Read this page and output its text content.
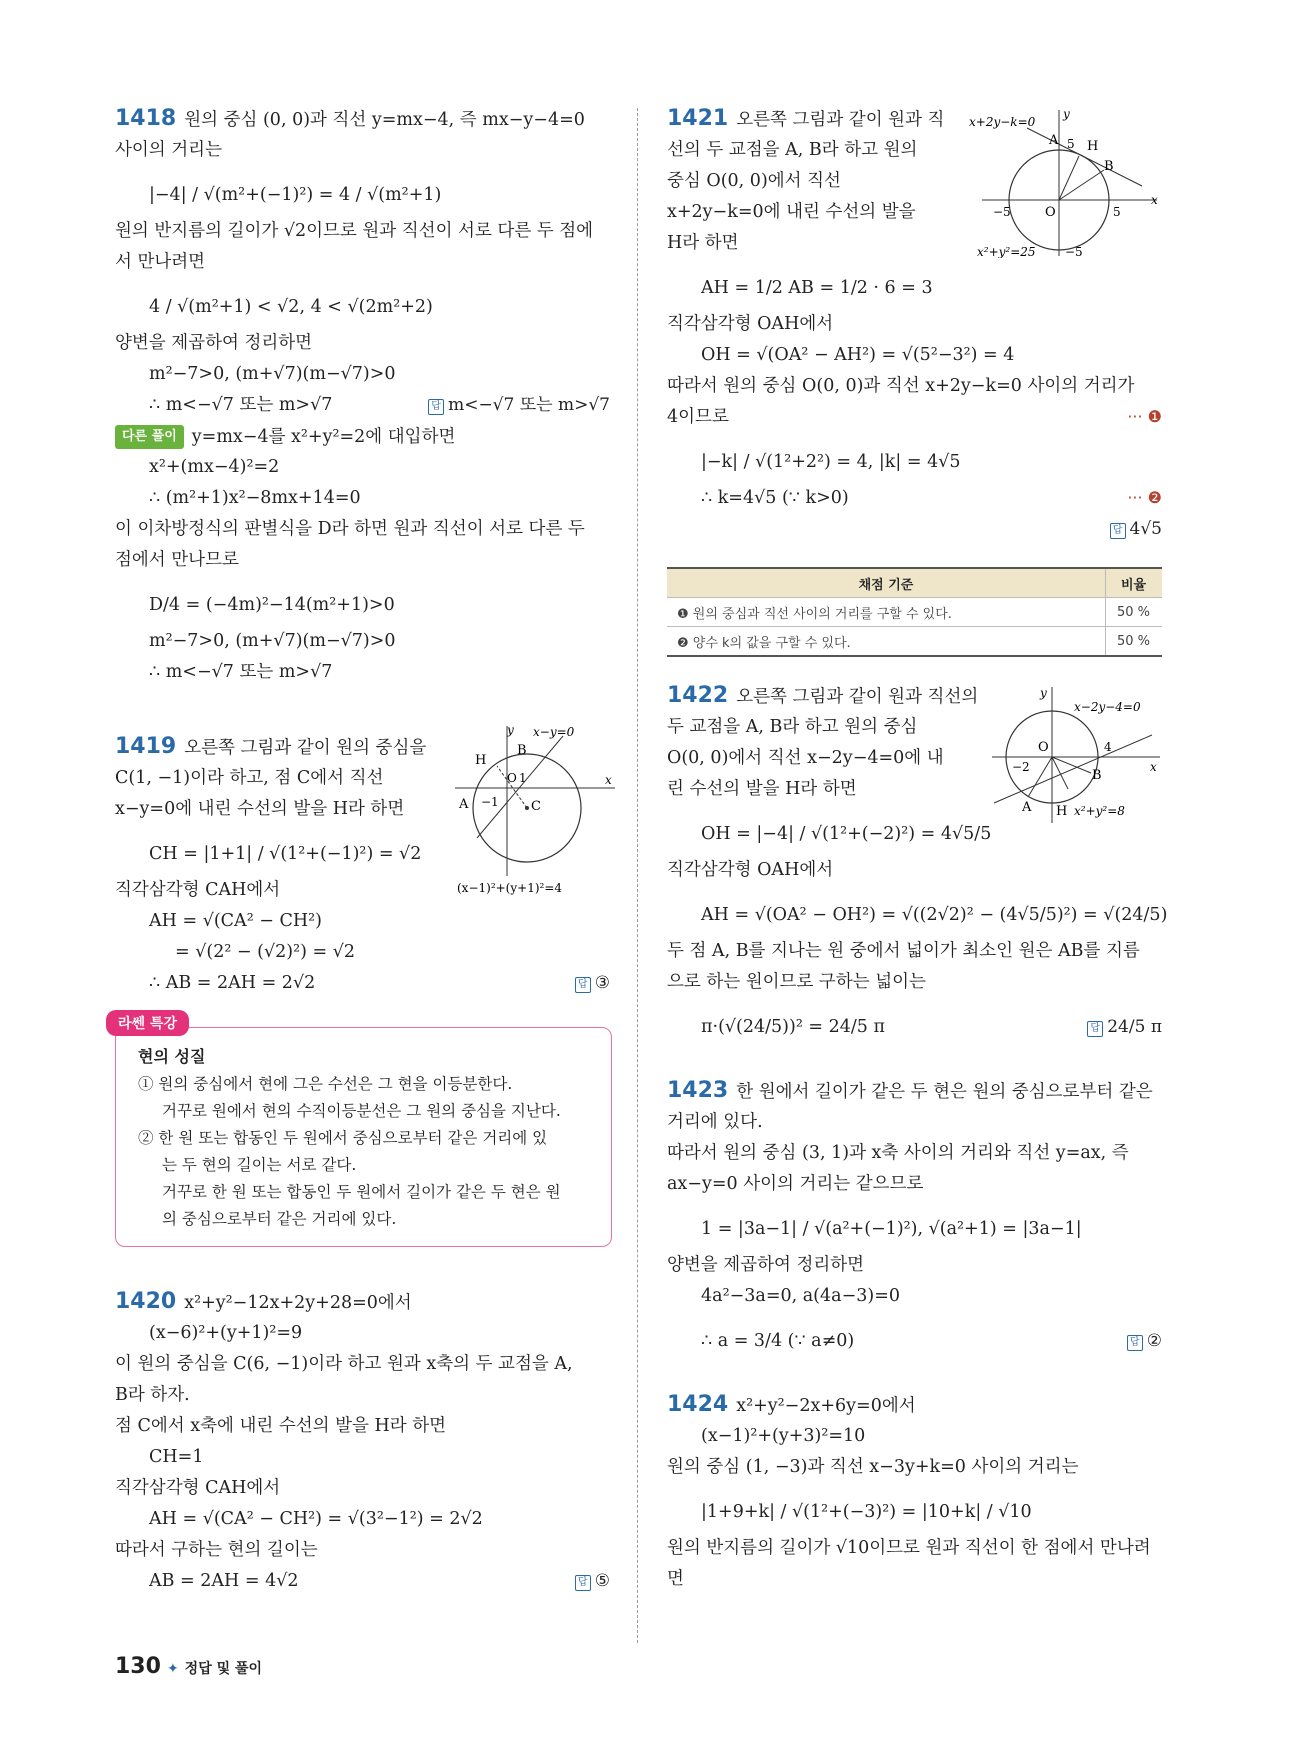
1418 원의 중심 (0, 0)과 직선 y=mx−4, 즉 mx−y−4=0
사이의 거리는
|−4| / √(m²+(−1)²) = 4 / √(m²+1)
원의 반지름의 길이가 √2이므로 원과 직선이 서로 다른 두 점에
서 만나려면
4 / √(m²+1) < √2, 4 < √(2m²+2)
양변을 제곱하여 정리하면
m²−7>0, (m+√7)(m−√7)>0
∴ m<−√7 또는 m>√7	답 m<−√7 또는 m>√7
다른 풀이 y=mx−4를 x²+y²=2에 대입하면
x²+(mx−4)²=2
∴ (m²+1)x²−8mx+14=0
이 이차방정식의 판별식을 D라 하면 원과 직선이 서로 다른 두
점에서 만나므로
D/4 = (−4m)²−14(m²+1)>0
m²−7>0, (m+√7)(m−√7)>0
∴ m<−√7 또는 m>√7
1419 오른쪽 그림과 같이 원의 중심을
C(1, −1)이라 하고, 점 C에서 직선
x−y=0에 내린 수선의 발을 H라 하면
CH = |1+1| / √(1²+(−1)²) = √2
직각삼각형 CAH에서
AH = √(CA² − CH²)
= √(2² − (√2)²) = √2
∴ AB = 2AH = 2√2	답 ③
y
x
x−y=0
H
B
O 1
A −1 C
(x−1)²+(y+1)²=4
라쎈 특강
현의 성질
① 원의 중심에서 현에 그은 수선은 그 현을 이등분한다.
거꾸로 원에서 현의 수직이등분선은 그 원의 중심을 지난다.
② 한 원 또는 합동인 두 원에서 중심으로부터 같은 거리에 있
는 두 현의 길이는 서로 같다.
거꾸로 한 원 또는 합동인 두 원에서 길이가 같은 두 현은 원
의 중심으로부터 같은 거리에 있다.
1420 x²+y²−12x+2y+28=0에서
(x−6)²+(y+1)²=9
이 원의 중심을 C(6, −1)이라 하고 원과 x축의 두 교점을 A,
B라 하자.
점 C에서 x축에 내린 수선의 발을 H라 하면
CH=1
직각삼각형 CAH에서
AH = √(CA² − CH²) = √(3²−1²) = 2√2
따라서 구하는 현의 길이는
AB = 2AH = 4√2	답 ⑤
1421 오른쪽 그림과 같이 원과 직
선의 두 교점을 A, B라 하고 원의
중심 O(0, 0)에서 직선
x+2y−k=0에 내린 수선의 발을
H라 하면
AH = 1/2 AB = 1/2 · 6 = 3
직각삼각형 OAH에서
OH = √(OA² − AH²) = √(5²−3²) = 4
따라서 원의 중심 O(0, 0)과 직선 x+2y−k=0 사이의 거리가
4이므로	··· ❶
|−k| / √(1²+2²) = 4, |k| = 4√5
∴ k=4√5 (∵ k>0)	··· ❷
답 4√5
채점 기준	비율
❶ 원의 중심과 직선 사이의 거리를 구할 수 있다.	50 %
❷ 양수 k의 값을 구할 수 있다.	50 %
y
x
x+2y−k=0
A 5 H
B
−5	O	5
−5
x²+y²=25
1422 오른쪽 그림과 같이 원과 직선의
두 교점을 A, B라 하고 원의 중심
O(0, 0)에서 직선 x−2y−4=0에 내
린 수선의 발을 H라 하면
OH = |−4| / √(1²+(−2)²) = 4√5/5
직각삼각형 OAH에서
AH = √(OA² − OH²) = √((2√2)² − (4√5/5)²) = √(24/5)
두 점 A, B를 지나는 원 중에서 넓이가 최소인 원은 AB를 지름
으로 하는 원이므로 구하는 넓이는
π·(√(24/5))² = 24/5 π	답 24/5 π
y
x
x−2y−4=0
O	4
−2
B
A H x²+y²=8
1423 한 원에서 길이가 같은 두 현은 원의 중심으로부터 같은
거리에 있다.
따라서 원의 중심 (3, 1)과 x축 사이의 거리와 직선 y=ax, 즉
ax−y=0 사이의 거리는 같으므로
1 = |3a−1| / √(a²+(−1)²), √(a²+1) = |3a−1|
양변을 제곱하여 정리하면
4a²−3a=0, a(4a−3)=0
∴ a = 3/4 (∵ a≠0)	답 ②
1424 x²+y²−2x+6y=0에서
(x−1)²+(y+3)²=10
원의 중심 (1, −3)과 직선 x−3y+k=0 사이의 거리는
|1+9+k| / √(1²+(−3)²) = |10+k| / √10
원의 반지름의 길이가 √10이므로 원과 직선이 한 점에서 만나려
면
130 ✦ 정답 및 풀이
